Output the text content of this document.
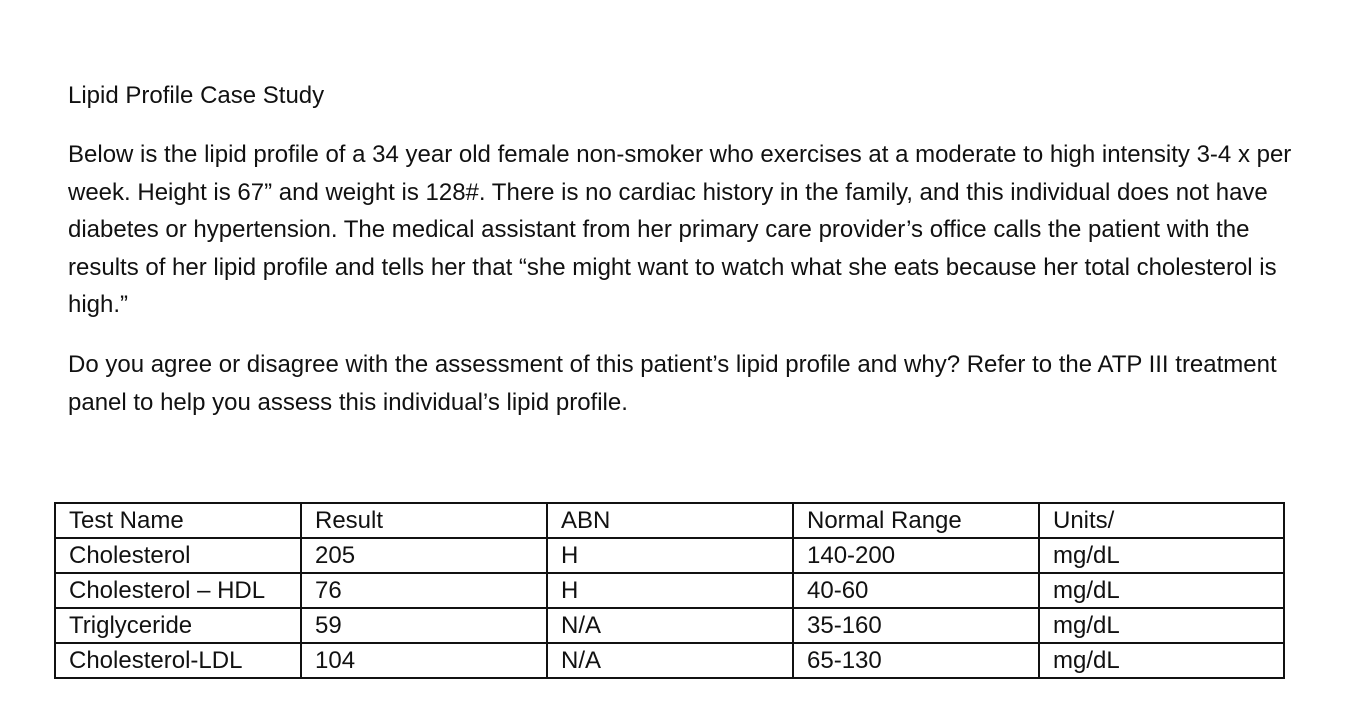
Lipid Profile Case Study

Below is the lipid profile of a 34 year old female non-smoker who exercises at a moderate to high intensity 3-4 x per week. Height is 67” and weight is 128#. There is no cardiac history in the family, and this individual does not have diabetes or hypertension. The medical assistant from her primary care provider’s office calls the patient with the results of her lipid profile and tells her that “she might want to watch what she eats because her total cholesterol is high.”

Do you agree or disagree with the assessment of this patient’s lipid profile and why? Refer to the ATP III treatment panel to help you assess this individual’s lipid profile.

Test Name	Result	ABN	Normal Range	Units/
Cholesterol	205	H	140-200	mg/dL
Cholesterol – HDL	76	H	40-60	mg/dL
Triglyceride	59	N/A	35-160	mg/dL
Cholesterol-LDL	104	N/A	65-130	mg/dL
